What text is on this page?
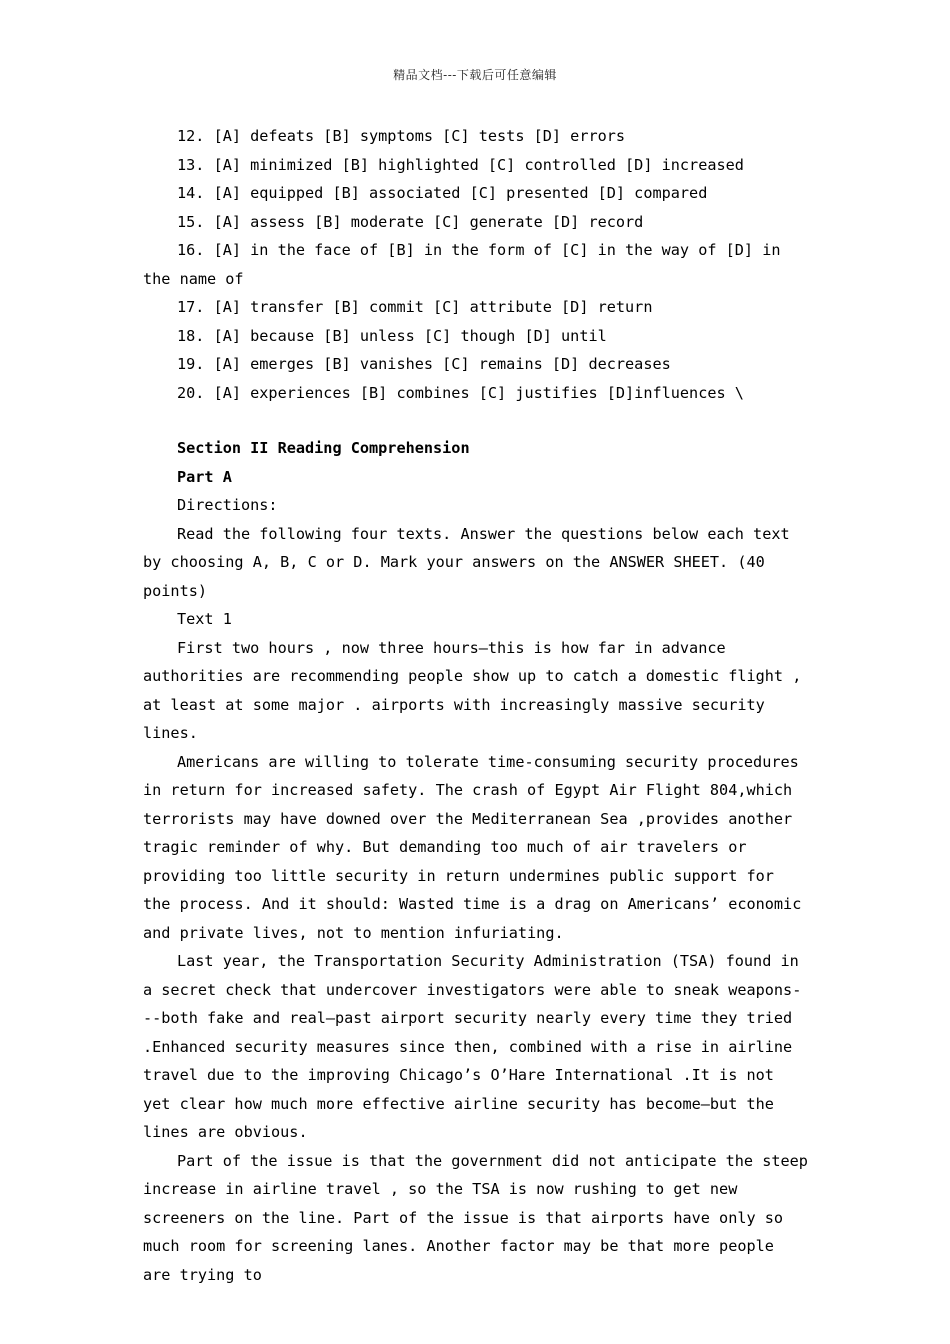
精品文档---下载后可任意编辑

12. [A] defeats [B] symptoms [C] tests [D] errors

13. [A] minimized [B] highlighted [C] controlled [D] increased

14. [A] equipped [B] associated [C] presented [D] compared

15. [A] assess [B] moderate [C] generate [D] record

16. [A] in the face of [B] in the form of [C] in the way of [D] in the name of

17. [A] transfer [B] commit [C] attribute [D] return

18. [A] because [B] unless [C] though [D] until

19. [A] emerges [B] vanishes [C] remains [D] decreases

20. [A] experiences [B] combines [C] justifies [D]influences \

Section II Reading Comprehension

Part A

Directions:

Read the following four texts. Answer the questions below each text by choosing A, B, C or D. Mark your answers on the ANSWER SHEET. (40 points)

Text 1

First two hours , now three hours—this is how far in advance authorities are recommending people show up to catch a domestic flight , at least at some major . airports with increasingly massive security lines.

Americans are willing to tolerate time-consuming security procedures in return for increased safety. The crash of Egypt Air Flight 804,which terrorists may have downed over the Mediterranean Sea ,provides another tragic reminder of why. But demanding too much of air travelers or providing too little security in return undermines public support for the process. And it should: Wasted time is a drag on Americans’ economic and private lives, not to mention infuriating.

Last year, the Transportation Security Administration (TSA) found in a secret check that undercover investigators were able to sneak weapons---both fake and real—past airport security nearly every time they tried .Enhanced security measures since then, combined with a rise in airline travel due to the improving Chicago’s O’Hare International .It is not yet clear how much more effective airline security has become—but the lines are obvious.

Part of the issue is that the government did not anticipate the steep increase in airline travel , so the TSA is now rushing to get new screeners on the line. Part of the issue is that airports have only so much room for screening lanes. Another factor may be that more people are trying to
